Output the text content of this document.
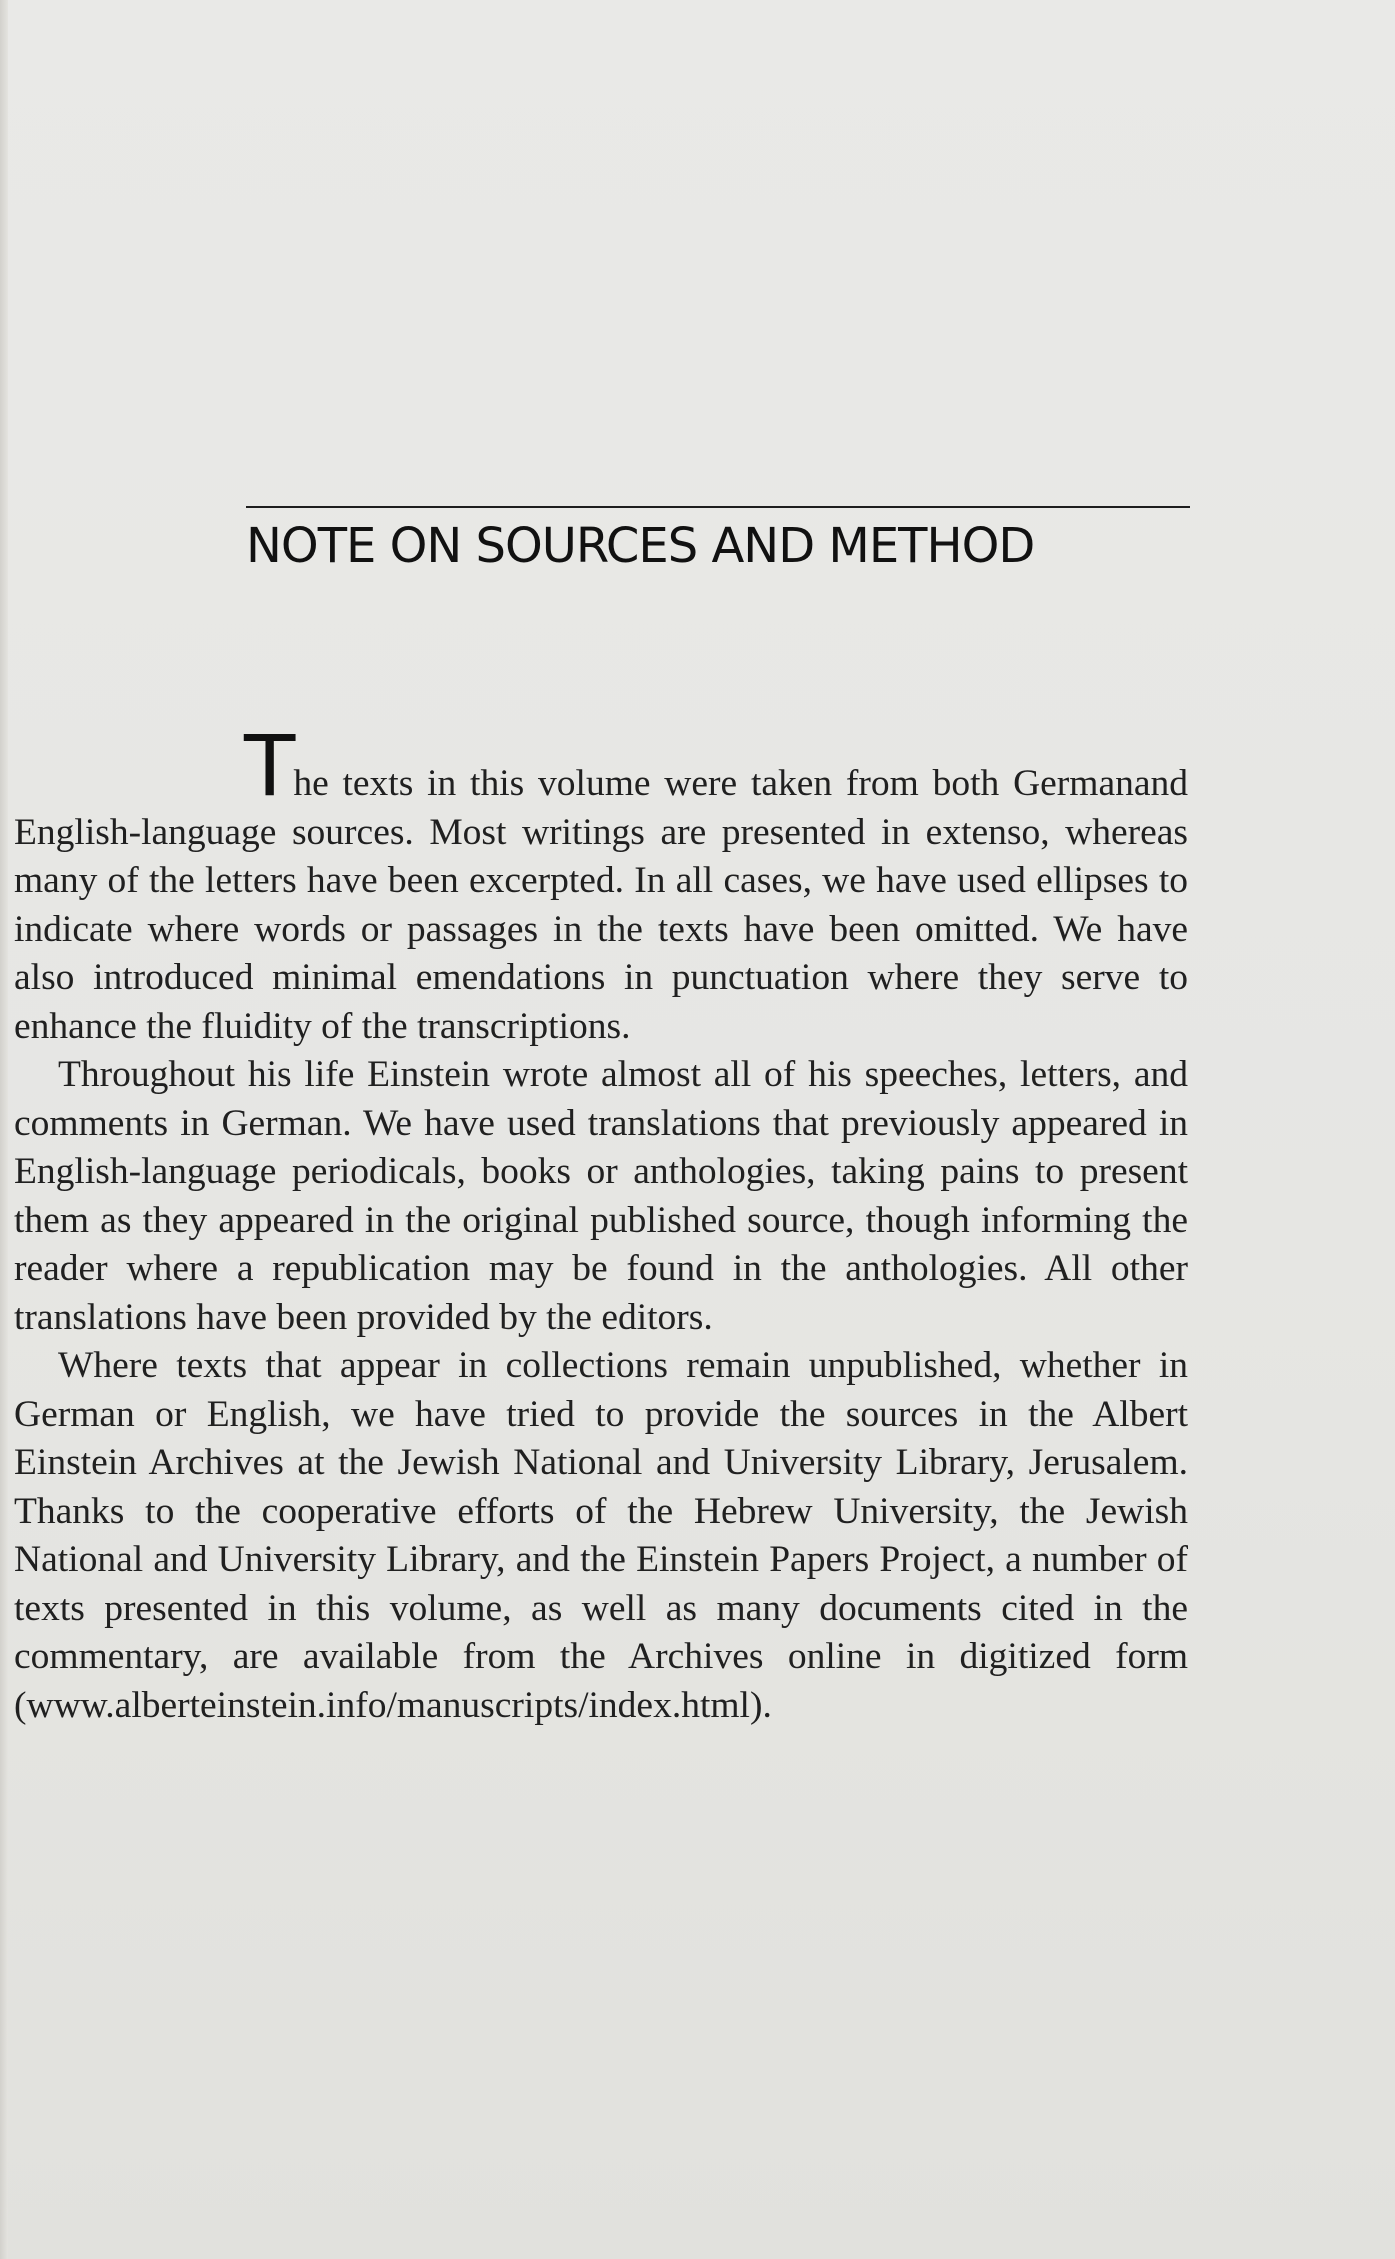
NOTE ON SOURCES AND METHOD

The texts in this volume were taken from both Germanand English-language sources. Most writings are presented in extenso, whereas many of the letters have been excerpted. In all cases, we have used ellipses to indicate where words or passages in the texts have been omitted. We have also introduced minimal emendations in punctuation where they serve to enhance the fluidity of the transcriptions.

Throughout his life Einstein wrote almost all of his speeches, letters, and comments in German. We have used translations that previously appeared in English-language periodicals, books or anthologies, taking pains to present them as they appeared in the original published source, though informing the reader where a republication may be found in the anthologies. All other translations have been provided by the editors.

Where texts that appear in collections remain unpublished, whether in German or English, we have tried to provide the sources in the Albert Einstein Archives at the Jewish National and University Library, Jerusalem. Thanks to the cooperative efforts of the Hebrew University, the Jewish National and University Library, and the Einstein Papers Project, a number of texts presented in this volume, as well as many documents cited in the commentary, are available from the Archives online in digitized form (www.alberteinstein.info/manuscripts/index.html).
